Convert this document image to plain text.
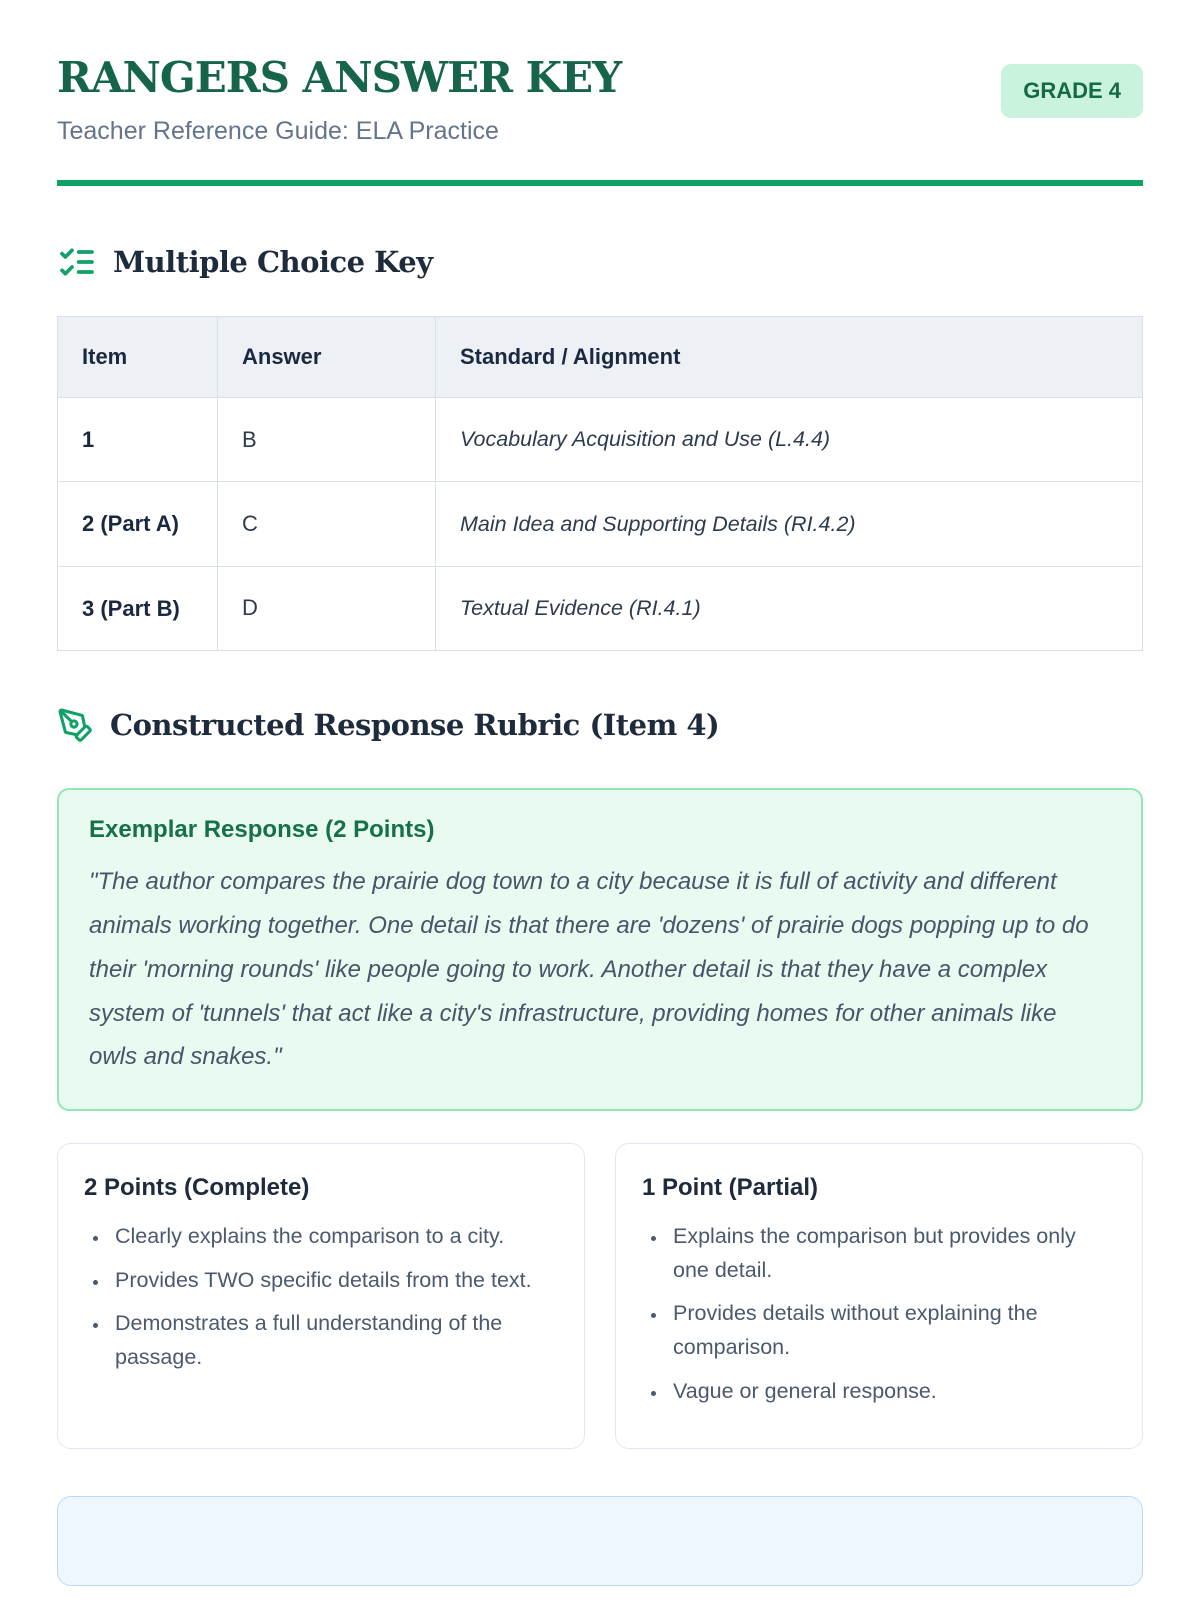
RANGERS ANSWER KEY
Teacher Reference Guide: ELA Practice
GRADE 4
Multiple Choice Key
Item	Answer	Standard / Alignment
1	B	Vocabulary Acquisition and Use (L.4.4)
2 (Part A)	C	Main Idea and Supporting Details (RI.4.2)
3 (Part B)	D	Textual Evidence (RI.4.1)
Constructed Response Rubric (Item 4)
Exemplar Response (2 Points)
"The author compares the prairie dog town to a city because it is full of activity and different animals working together. One detail is that there are 'dozens' of prairie dogs popping up to do their 'morning rounds' like people going to work. Another detail is that they have a complex system of 'tunnels' that act like a city's infrastructure, providing homes for other animals like owls and snakes."
2 Points (Complete)
• Clearly explains the comparison to a city.
• Provides TWO specific details from the text.
• Demonstrates a full understanding of the passage.
1 Point (Partial)
• Explains the comparison but provides only one detail.
• Provides details without explaining the comparison.
• Vague or general response.
